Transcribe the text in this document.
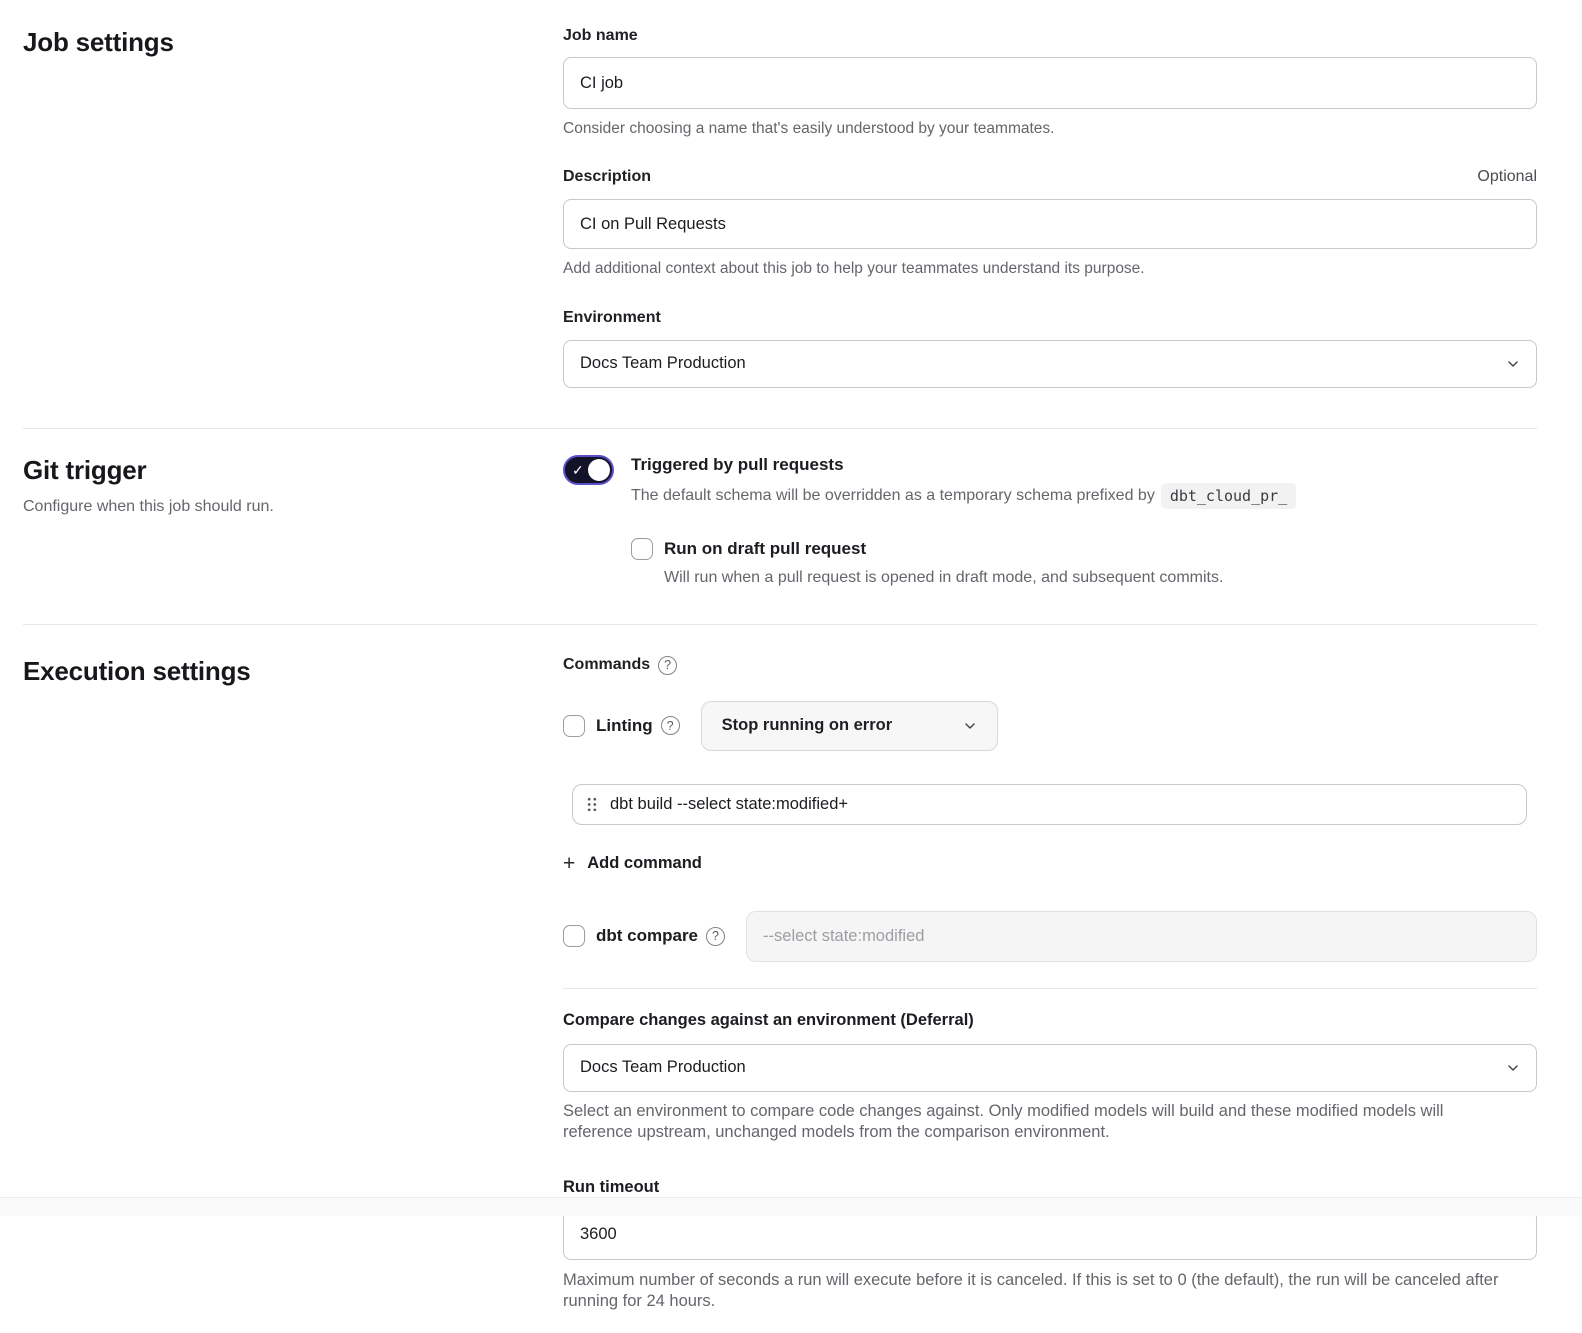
Job settings	Job name
CI job
Consider choosing a name that's easily understood by your teammates.
Description	Optional
CI on Pull Requests
Add additional context about this job to help your teammates understand its purpose.
Environment
Docs Team Production
Git trigger
Configure when this job should run.
✓	Triggered by pull requests
The default schema will be overridden as a temporary schema prefixed by	dbt_cloud_pr_
Run on draft pull request
Will run when a pull request is opened in draft mode, and subsequent commits.
Execution settings	Commands	?
Linting	?	Stop running on error
dbt build --select state:modified+
+ Add command
dbt compare	?
--select state:modified
Compare changes against an environment (Deferral)
Docs Team Production
Select an environment to compare code changes against. Only modified models will build and these modified models will reference upstream, unchanged models from the comparison environment.
Run timeout
3600
Maximum number of seconds a run will execute before it is canceled. If this is set to 0 (the default), the run will be canceled after running for 24 hours.
